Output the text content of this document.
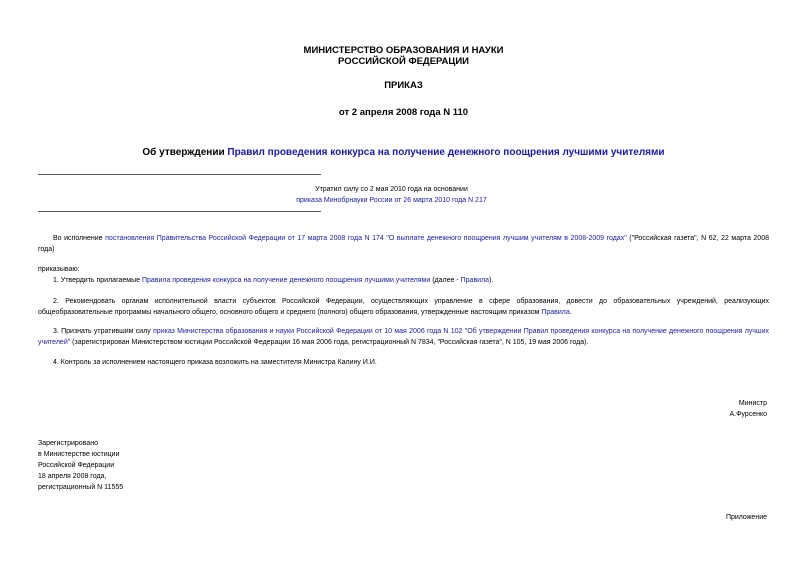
МИНИСТЕРСТВО ОБРАЗОВАНИЯ И НАУКИ
РОССИЙСКОЙ ФЕДЕРАЦИИ
ПРИКАЗ
от 2 апреля 2008 года N 110
Об утверждении Правил проведения конкурса на получение денежного поощрения лучшими учителями
Утратил силу со 2 мая 2010 года на основании
приказа Минобрнауки России от 26 марта 2010 года N 217
Во исполнение постановления Правительства Российской Федерации от 17 марта 2008 года N 174 "О выплате денежного поощрения лучшим учителям в 2008-2009 годах" ("Российская газета", N 62, 22 марта 2008 года)
приказываю:
1. Утвердить прилагаемые Правила проведения конкурса на получение денежного поощрения лучшими учителями (далее - Правила).
2. Рекомендовать органам исполнительной власти субъектов Российской Федерации, осуществляющих управление в сфере образования, довести до образовательных учреждений, реализующих общеобразовательные программы начального общего, основного общего и среднего (полного) общего образования, утвержденные настоящим приказом Правила.
3. Признать утратившим силу приказ Министерства образования и науки Российской Федерации от 10 мая 2006 года N 102 "Об утверждении Правил проведения конкурса на получение денежного поощрения лучших учителей" (зарегистрирован Министерством юстиции Российской Федерации 16 мая 2006 года, регистрационный N 7834, "Российская газета", N 105, 19 мая 2006 года).
4. Контроль за исполнением настоящего приказа возложить на заместителя Министра Калину И.И.
Министр
А.Фурсенко
Зарегистрировано
в Министерстве юстиции
Российской Федерации
18 апреля 2008 года,
регистрационный N 11555
Приложение
